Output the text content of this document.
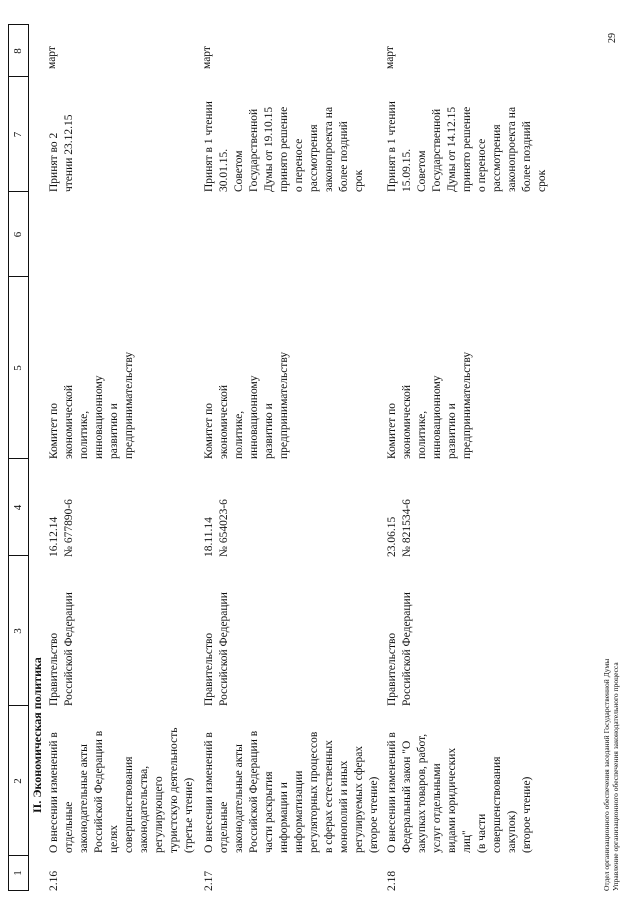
1
2
3
4
5
6
7
8
II. Экономическая политика
2.16
О внесении изменений в
отдельные
законодательные акты
Российской Федерации в
целях
совершенствования
законодательства,
регулирующего
туристскую деятельность
(третье чтение)
Правительство
Российской Федерации
16.12.14
№ 677890-6
Комитет по
экономической
политике,
инновационному
развитию и
предпринимательству
Принят во 2
чтении 23.12.15
март
2.17
О внесении изменений в
отдельные
законодательные акты
Российской Федерации в
части раскрытия
информации и
информатизации
регуляторных процессов
в сферах естественных
монополий и иных
регулируемых сферах
(второе чтение)
Правительство
Российской Федерации
18.11.14
№ 654023-6
Комитет по
экономической
политике,
инновационному
развитию и
предпринимательству
Принят в 1 чтении
30.01.15.
Советом
Государственной
Думы от 19.10.15
принято решение
о переносе
рассмотрения
законопроекта на
более поздний
срок
март
2.18
О внесении изменений в
Федеральный закон "О
закупках товаров, работ,
услуг отдельными
видами юридических
лиц"
(в части
совершенствования
закупок)
(второе чтение)
Правительство
Российской Федерации
23.06.15
№ 821534-6
Комитет по
экономической
политике,
инновационному
развитию и
предпринимательству
Принят в 1 чтении
15.09.15.
Советом
Государственной
Думы от 14.12.15
принято решение
о переносе
рассмотрения
законопроекта на
более поздний
срок
март
Отдел организационного обеспечения заседаний Государственной Думы Управление организационного обеспечения законодательного процесса
29
